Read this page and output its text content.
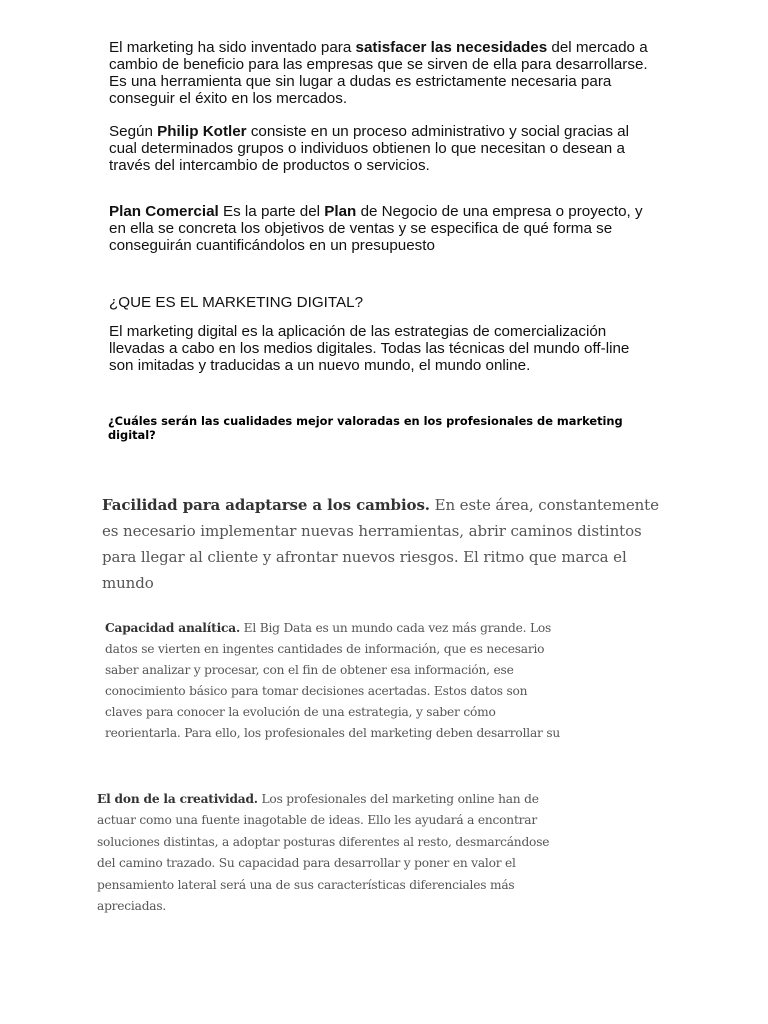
El marketing ha sido inventado para satisfacer las necesidades del mercado a cambio de beneficio para las empresas que se sirven de ella para desarrollarse. Es una herramienta que sin lugar a dudas es estrictamente necesaria para conseguir el éxito en los mercados.

Según Philip Kotler consiste en un proceso administrativo y social gracias al cual determinados grupos o individuos obtienen lo que necesitan o desean a través del intercambio de productos o servicios.

Plan Comercial Es la parte del Plan de Negocio de una empresa o proyecto, y en ella se concreta los objetivos de ventas y se especifica de qué forma se conseguirán cuantificándolos en un presupuesto

¿QUE ES EL MARKETING DIGITAL?

El marketing digital es la aplicación de las estrategias de comercialización llevadas a cabo en los medios digitales. Todas las técnicas del mundo off-line son imitadas y traducidas a un nuevo mundo, el mundo online.

¿Cuáles serán las cualidades mejor valoradas en los profesionales de marketing digital?

Facilidad para adaptarse a los cambios. En este área, constantemente es necesario implementar nuevas herramientas, abrir caminos distintos para llegar al cliente y afrontar nuevos riesgos. El ritmo que marca el mundo

Capacidad analítica. El Big Data es un mundo cada vez más grande. Los datos se vierten en ingentes cantidades de información, que es necesario saber analizar y procesar, con el fin de obtener esa información, ese conocimiento básico para tomar decisiones acertadas. Estos datos son claves para conocer la evolución de una estrategia, y saber cómo reorientarla. Para ello, los profesionales del marketing deben desarrollar su

El don de la creatividad. Los profesionales del marketing online han de actuar como una fuente inagotable de ideas. Ello les ayudará a encontrar soluciones distintas, a adoptar posturas diferentes al resto, desmarcándose del camino trazado. Su capacidad para desarrollar y poner en valor el pensamiento lateral será una de sus características diferenciales más apreciadas.
